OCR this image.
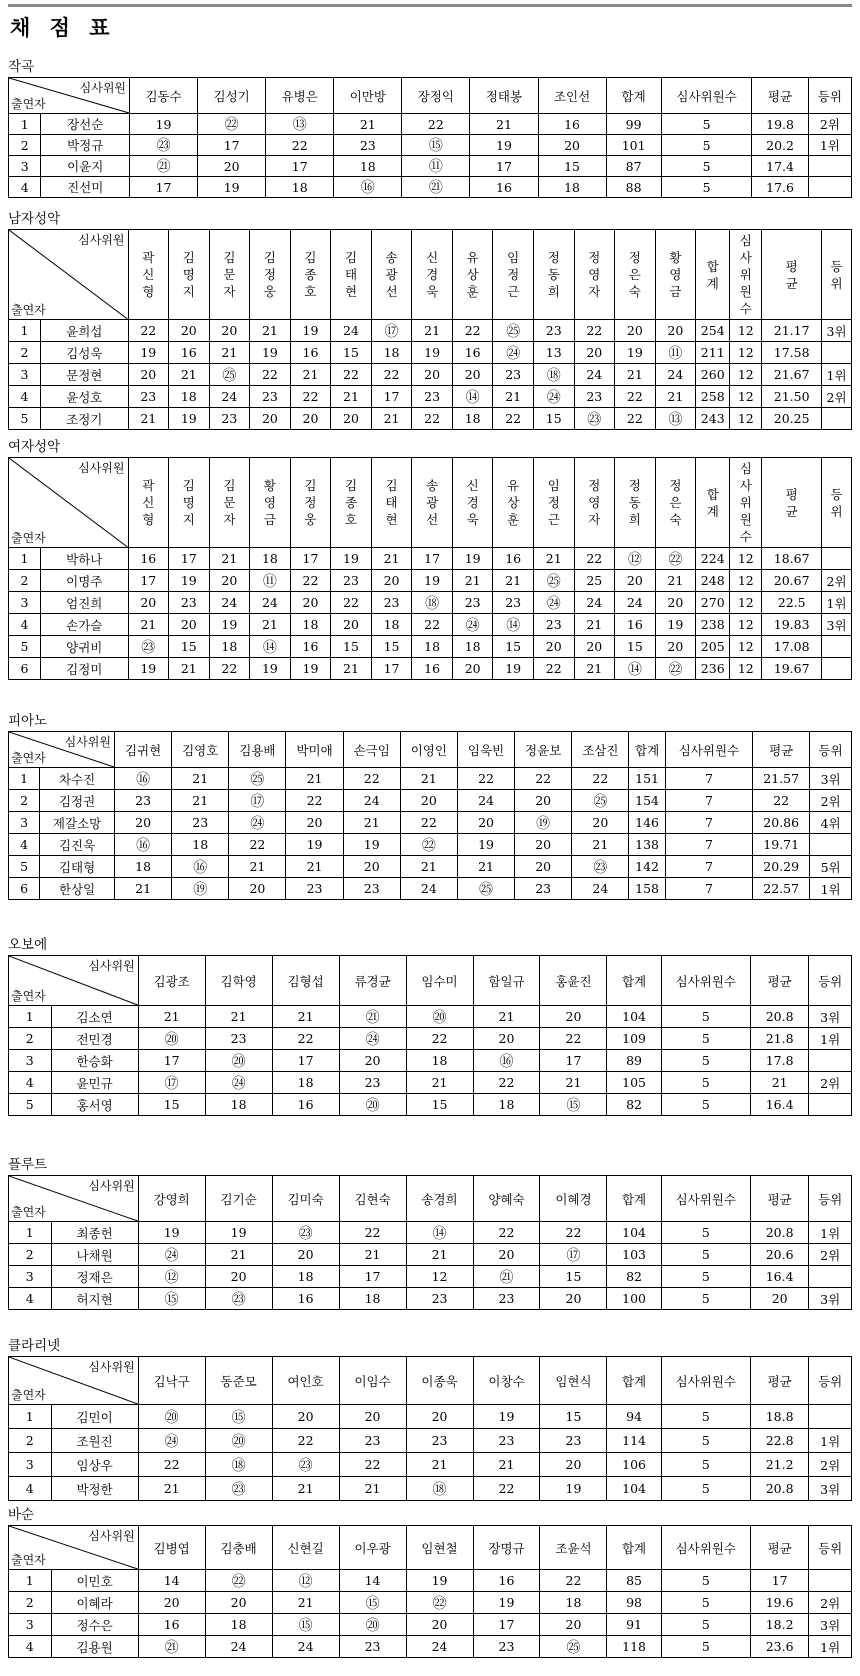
채 점 표
작곡
심사위원
출연자		김동수	김성기	유병은	이만방	장정익	정태봉	조인선	합계	심사위원수	평균	등위
1	장선순	19	㉒	⑬	21	22	21	16	99	5	19.8	2위
2	박정규	㉓	17	22	23	⑮	19	20	101	5	20.2	1위
3	이윤지	㉑	20	17	18	⑪	17	15	87	5	17.4	
4	진선미	17	19	18	⑯	㉑	16	18	88	5	17.6	
남자성악
심사위원
출연자		곽
신
형	김
명
지	김
문
자	김
정
웅	김
종
호	김
태
현	송
광
선	신
경
욱	유
상
훈	임
정
근	정
동
희	정
영
자	정
은
숙	황
영
금	합
계	심
사
위
원
수	평
균	등
위

1	윤희섭	22	20	20	21	19	24	⑰	21	22	㉕	23	22	20	20	254	12	21.17	3위
2	김성욱	19	16	21	19	16	15	18	19	16	㉔	13	20	19	⑪	211	12	17.58	
3	문정현	20	21	㉕	22	21	22	22	20	20	23	⑱	24	21	24	260	12	21.67	1위
4	윤성호	23	18	24	23	22	21	17	23	⑭	21	㉔	23	22	21	258	12	21.50	2위
5	조정기	21	19	23	20	20	20	21	22	18	22	15	㉓	22	⑬	243	12	20.25	
여자성악
심사위원
출연자		곽
신
형	김
명
지	김
문
자	황
영
금	김
정
웅	김
종
호	김
태
현	송
광
선	신
경
욱	유
상
훈	임
정
근	정
영
자	정
동
희	정
은
숙	합
계	심
사
위
원
수	평
균	등
위

1	박하나	16	17	21	18	17	19	21	17	19	16	21	22	⑫	㉒	224	12	18.67	
2	이명주	17	19	20	⑪	22	23	20	19	21	21	㉕	25	20	21	248	12	20.67	2위
3	엄진희	20	23	24	24	20	22	23	⑱	23	23	㉔	24	24	20	270	12	22.5	1위
4	손가슬	21	20	19	21	18	20	18	22	㉔	⑭	23	21	16	19	238	12	19.83	3위
5	양귀비	㉓	15	18	⑭	16	15	15	18	18	15	20	20	15	20	205	12	17.08	
6	김정미	19	21	22	19	19	21	17	16	20	19	22	21	⑭	㉒	236	12	19.67	
피아노
심사위원
출연자		김귀현	김영호	김용배	박미애	손극임	이영인	임욱빈	정윤보	조삼진	합계	심사위원수	평균	등위
1	차수진	⑯	21	㉕	21	22	21	22	22	22	151	7	21.57	3위
2	김정권	23	21	⑰	22	24	20	24	20	㉕	154	7	22	2위
3	제갈소망	20	23	㉔	20	21	22	20	⑲	20	146	7	20.86	4위
4	김진욱	⑯	18	22	19	19	㉒	19	20	21	138	7	19.71	
5	김태형	18	⑯	21	21	20	21	21	20	㉓	142	7	20.29	5위
6	한상일	21	⑲	20	23	23	24	㉕	23	24	158	7	22.57	1위
오보에
심사위원
출연자		김광조	김학영	김형섭	류경균	임수미	함일규	홍윤진	합계	심사위원수	평균	등위
1	김소연	21	21	21	㉑	⑳	21	20	104	5	20.8	3위
2	전민경	⑳	23	22	㉔	22	20	22	109	5	21.8	1위
3	한승화	17	⑳	17	20	18	⑯	17	89	5	17.8	
4	윤민규	⑰	㉔	18	23	21	22	21	105	5	21	2위
5	홍서영	15	18	16	⑳	15	18	⑮	82	5	16.4	
플루트
심사위원
출연자		강영희	김기순	김미숙	김현숙	송경희	양혜숙	이혜경	합계	심사위원수	평균	등위
1	최종헌	19	19	㉓	22	⑭	22	22	104	5	20.8	1위
2	나채원	㉔	21	20	21	21	20	⑰	103	5	20.6	2위
3	정재은	⑫	20	18	17	12	㉑	15	82	5	16.4	
4	허지현	⑮	㉓	16	18	23	23	20	100	5	20	3위
클라리넷
심사위원
출연자		김낙구	동준모	여인호	이임수	이종욱	이창수	임현식	합계	심사위원수	평균	등위
1	김민이	⑳	⑮	20	20	20	19	15	94	5	18.8	
2	조원진	㉔	⑳	22	23	23	23	23	114	5	22.8	1위
3	임상우	22	⑱	㉓	22	21	21	20	106	5	21.2	2위
4	박정한	21	㉓	21	21	⑱	22	19	104	5	20.8	3위
바순
심사위원
출연자		김병엽	김충배	신현길	이우광	임현철	장명규	조윤석	합계	심사위원수	평균	등위
1	이민호	14	㉒	⑫	14	19	16	22	85	5	17	
2	이혜라	20	20	21	⑮	㉒	19	18	98	5	19.6	2위
3	정수은	16	18	⑮	⑳	20	17	20	91	5	18.2	3위
4	김용원	㉑	24	24	23	24	23	㉕	118	5	23.6	1위
